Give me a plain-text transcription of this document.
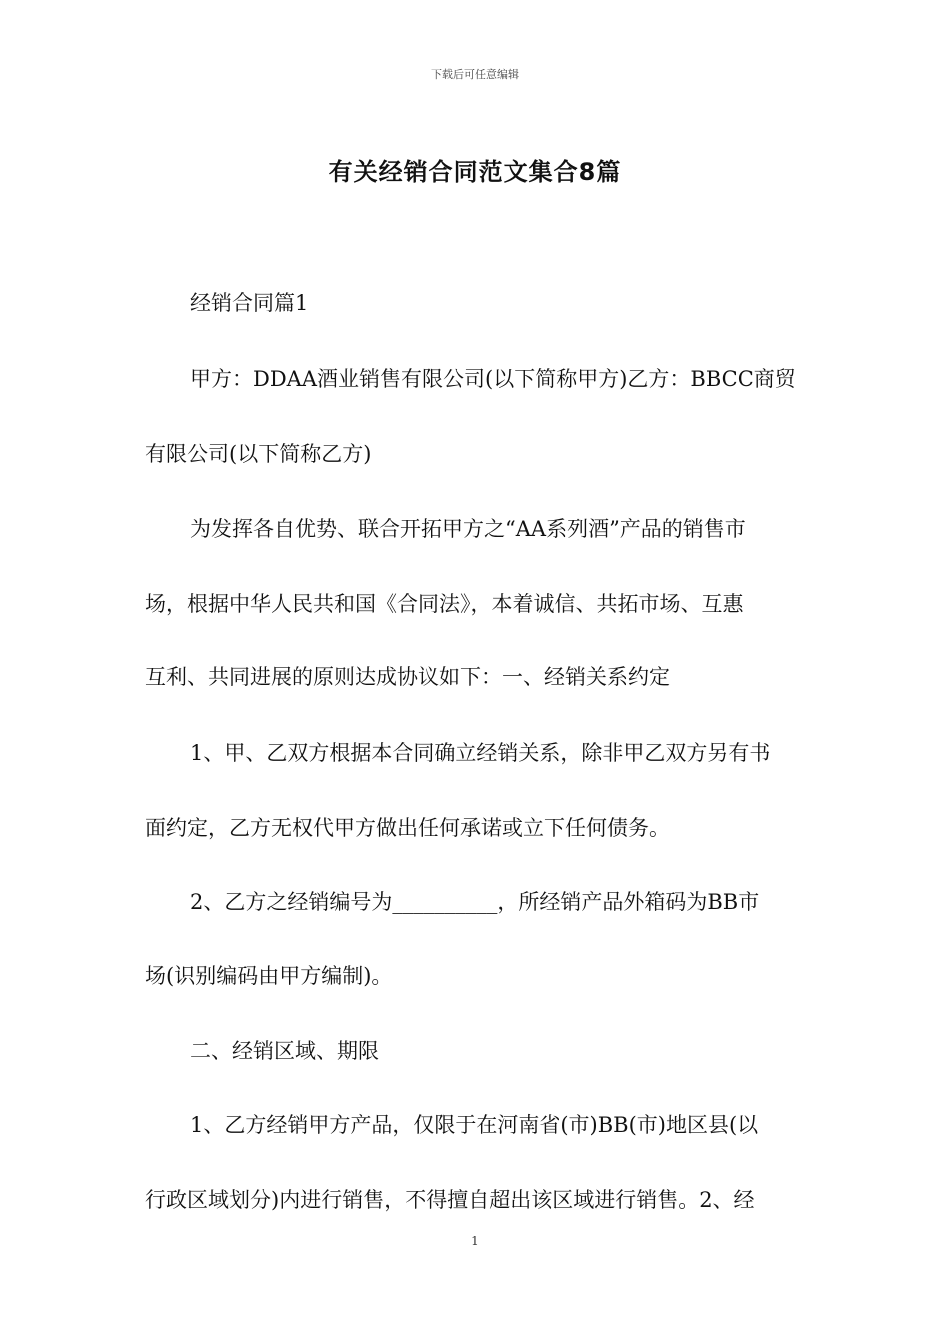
下载后可任意编辑
有关经销合同范文集合8篇
经销合同篇1
甲方：DDAA酒业销售有限公司(以下简称甲方)乙方：BBCC商贸
有限公司(以下简称乙方)
为发挥各自优势、联合开拓甲方之“AA系列酒”产品的销售市
场，根据中华人民共和国《合同法》，本着诚信、共拓市场、互惠
互利、共同进展的原则达成协议如下：一、经销关系约定
1、甲、乙双方根据本合同确立经销关系，除非甲乙双方另有书
面约定，乙方无权代甲方做出任何承诺或立下任何债务。
2、乙方之经销编号为__________，所经销产品外箱码为BB市
场(识别编码由甲方编制)。
二、经销区域、期限
1、乙方经销甲方产品，仅限于在河南省(市)BB(市)地区县(以
行政区域划分)内进行销售，不得擅自超出该区域进行销售。2、经
1
